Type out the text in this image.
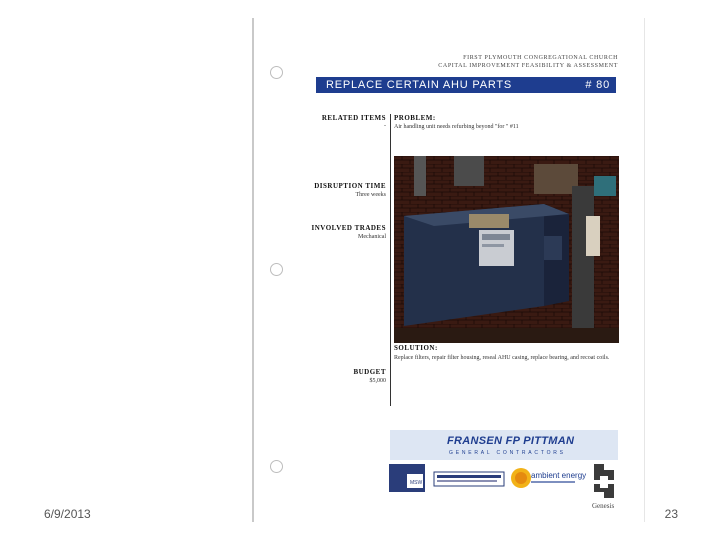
6/9/2013	23
FIRST PLYMOUTH CONGREGATIONAL CHURCH
CAPITAL IMPROVEMENT FEASIBILITY & ASSESSMENT
REPLACE CERTAIN AHU PARTS	# 80
RELATED ITEMS
-
DISRUPTION TIME
Three weeks
INVOLVED TRADES
Mechanical
BUDGET
$5,000
PROBLEM:
Air handling unit needs refurbing beyond "for " #11
SOLUTION:
Replace filters, repair filter housing, reseal AHU casing, replace bearing, and recoat coils.
FRANSEN FP PITTMAN
GENERAL CONTRACTORS
MSW
ambient energy
Genesis
